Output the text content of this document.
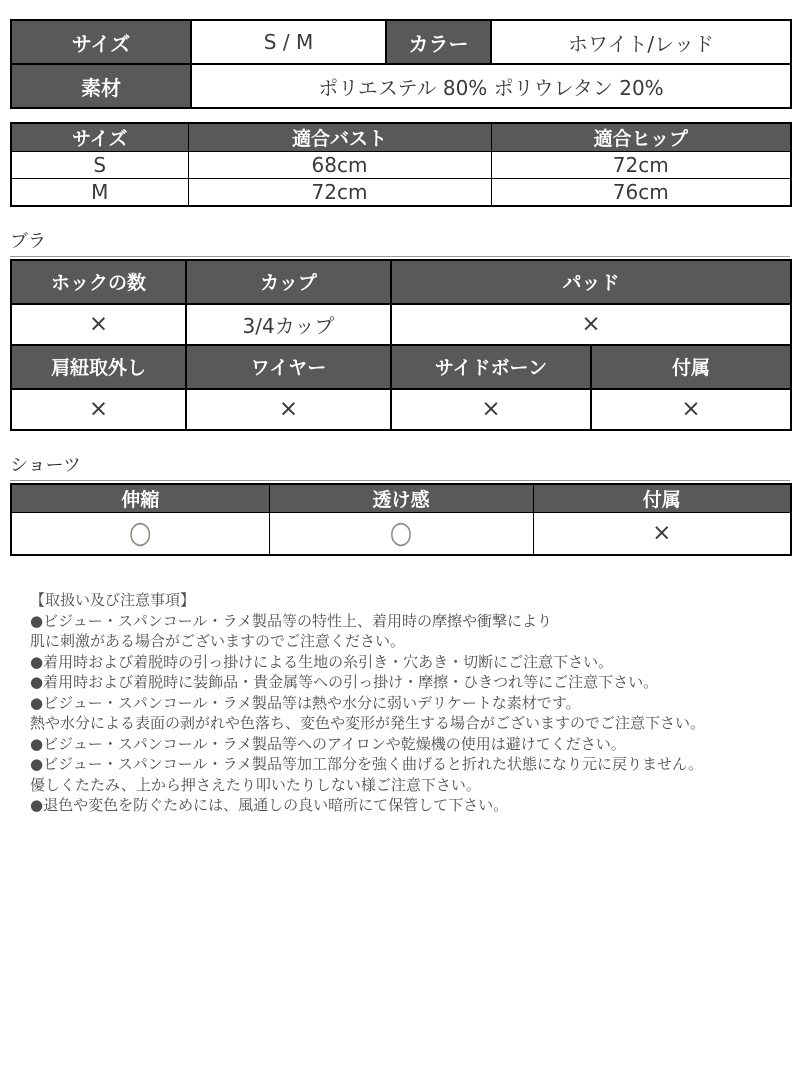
サイズ	S / M	カラー	ホワイト/レッド
素材	ポリエステル 80% ポリウレタン 20%		
サイズ	適合バスト	適合ヒップ
S	68cm	72cm
M	72cm	76cm
ブラ
ホックの数	カップ	パッド	
×	3/4カップ	×	
肩紐取外し	ワイヤー	サイドボーン	付属
×	×	×	×
ショーツ
伸縮	透け感	付属
○	○	×
【取扱い及び注意事項】
●ビジュー・スパンコール・ラメ製品等の特性上、着用時の摩擦や衝撃により
肌に刺激がある場合がございますのでご注意ください。
●着用時および着脱時の引っ掛けによる生地の糸引き・穴あき・切断にご注意下さい。
●着用時および着脱時に装飾品・貴金属等への引っ掛け・摩擦・ひきつれ等にご注意下さい。
●ビジュー・スパンコール・ラメ製品等は熱や水分に弱いデリケートな素材です。
熱や水分による表面の剥がれや色落ち、変色や変形が発生する場合がございますのでご注意下さい。
●ビジュー・スパンコール・ラメ製品等へのアイロンや乾燥機の使用は避けてください。
●ビジュー・スパンコール・ラメ製品等加工部分を強く曲げると折れた状態になり元に戻りません。
優しくたたみ、上から押さえたり叩いたりしない様ご注意下さい。
●退色や変色を防ぐためには、風通しの良い暗所にて保管して下さい。
